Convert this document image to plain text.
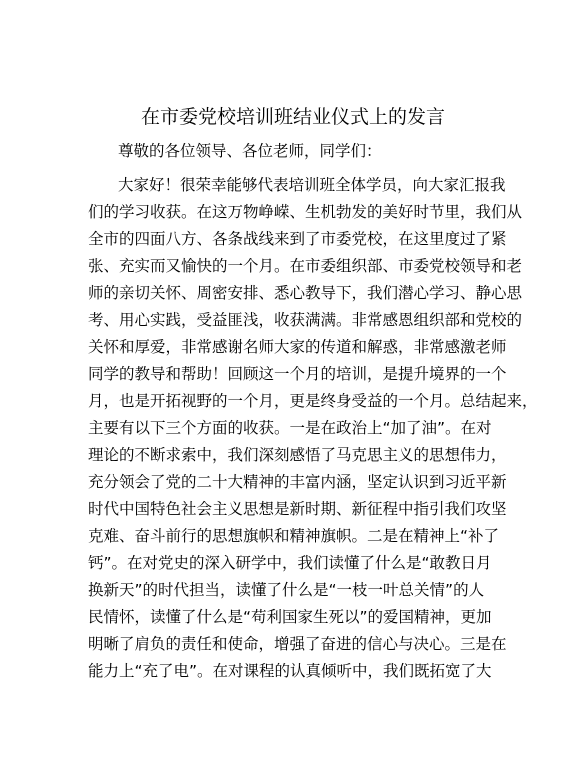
在市委党校培训班结业仪式上的发言
尊敬的各位领导、各位老师，同学们：
大家好！很荣幸能够代表培训班全体学员，向大家汇报我
们的学习收获。在这万物峥嵘、生机勃发的美好时节里，我们从
全市的四面八方、各条战线来到了市委党校，在这里度过了紧
张、充实而又愉快的一个月。在市委组织部、市委党校领导和老
师的亲切关怀、周密安排、悉心教导下，我们潜心学习、静心思
考、用心实践，受益匪浅，收获满满。非常感恩组织部和党校的
关怀和厚爱，非常感谢名师大家的传道和解惑，非常感激老师
同学的教导和帮助！回顾这一个月的培训，是提升境界的一个
月，也是开拓视野的一个月，更是终身受益的一个月。总结起来，
主要有以下三个方面的收获。一是在政治上“加了油”。在对
理论的不断求索中，我们深刻感悟了马克思主义的思想伟力，
充分领会了党的二十大精神的丰富内涵，坚定认识到习近平新
时代中国特色社会主义思想是新时期、新征程中指引我们攻坚
克难、奋斗前行的思想旗帜和精神旗帜。二是在精神上“补了
钙”。在对党史的深入研学中，我们读懂了什么是“敢教日月
换新天”的时代担当，读懂了什么是“一枝一叶总关情”的人
民情怀，读懂了什么是“苟利国家生死以”的爱国精神，更加
明晰了肩负的责任和使命，增强了奋进的信心与决心。三是在
能力上“充了电”。在对课程的认真倾听中，我们既拓宽了大
